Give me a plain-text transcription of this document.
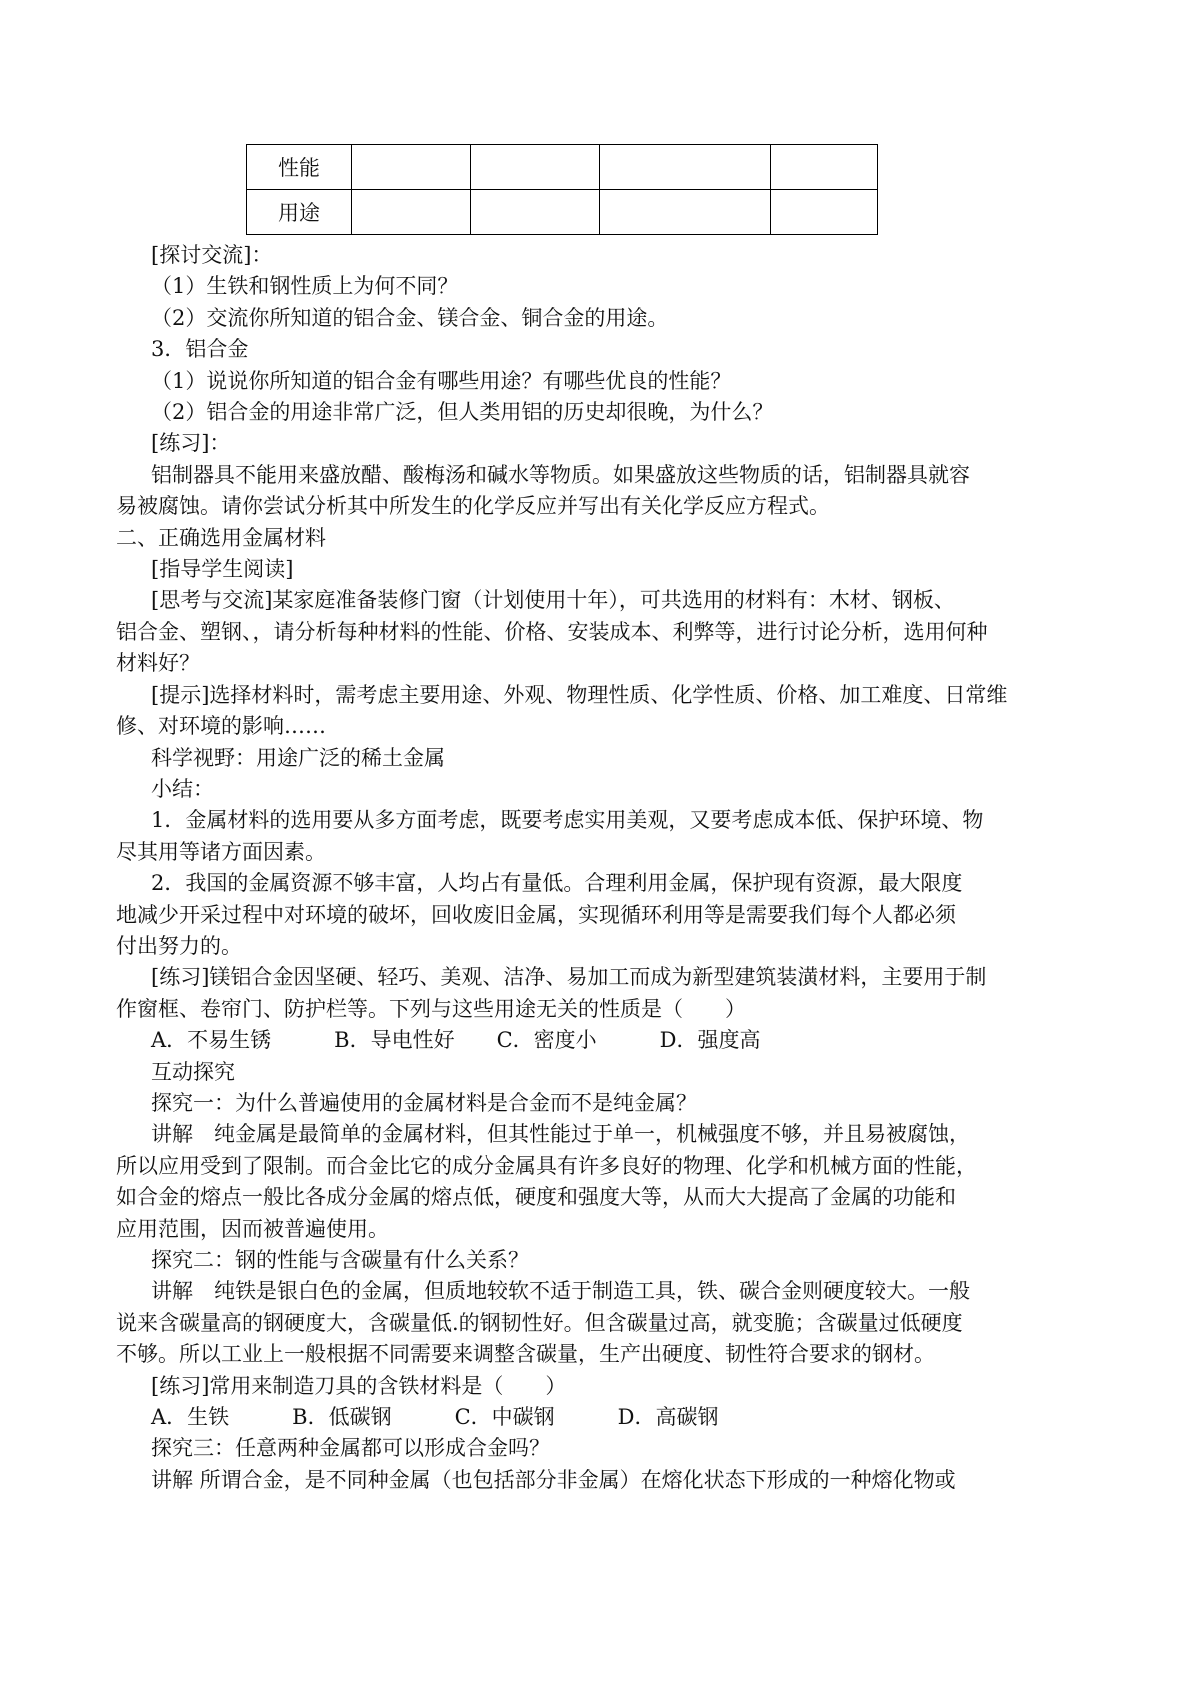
性能				
用途				

[探讨交流]：

（1）生铁和钢性质上为何不同？

（2）交流你所知道的铝合金、镁合金、铜合金的用途。

3．铝合金

（1）说说你所知道的铝合金有哪些用途？有哪些优良的性能？

（2）铝合金的用途非常广泛，但人类用铝的历史却很晚，为什么？

[练习]：

铝制器具不能用来盛放醋、酸梅汤和碱水等物质。如果盛放这些物质的话，铝制器具就容

易被腐蚀。请你尝试分析其中所发生的化学反应并写出有关化学反应方程式。

二、正确选用金属材料

[指导学生阅读]

[思考与交流]某家庭准备装修门窗（计划使用十年），可共选用的材料有：木材、钢板、

铝合金、塑钢、，请分析每种材料的性能、价格、安装成本、利弊等，进行讨论分析，选用何种

材料好？

[提示]选择材料时，需考虑主要用途、外观、物理性质、化学性质、价格、加工难度、日常维

修、对环境的影响……

科学视野：用途广泛的稀土金属

小结：

1．金属材料的选用要从多方面考虑，既要考虑实用美观，又要考虑成本低、保护环境、物

尽其用等诸方面因素。

2．我国的金属资源不够丰富，人均占有量低。合理利用金属，保护现有资源，最大限度

地减少开采过程中对环境的破坏，回收废旧金属，实现循环利用等是需要我们每个人都必须

付出努力的。

[练习]镁铝合金因坚硬、轻巧、美观、洁净、易加工而成为新型建筑装潢材料，主要用于制

作窗框、卷帘门、防护栏等。下列与这些用途无关的性质是（　　）

A．不易生锈　　　B．导电性好　　C．密度小　　　D．强度高

互动探究

探究一：为什么普遍使用的金属材料是合金而不是纯金属？

讲解　纯金属是最简单的金属材料，但其性能过于单一，机械强度不够，并且易被腐蚀，

所以应用受到了限制。而合金比它的成分金属具有许多良好的物理、化学和机械方面的性能，

如合金的熔点一般比各成分金属的熔点低，硬度和强度大等，从而大大提高了金属的功能和

应用范围，因而被普遍使用。

探究二：钢的性能与含碳量有什么关系？

讲解　纯铁是银白色的金属，但质地较软不适于制造工具，铁、碳合金则硬度较大。一般

说来含碳量高的钢硬度大，含碳量低.的钢韧性好。但含碳量过高，就变脆；含碳量过低硬度

不够。所以工业上一般根据不同需要来调整含碳量，生产出硬度、韧性符合要求的钢材。

[练习]常用来制造刀具的含铁材料是（　　）

A．生铁　　　B．低碳钢　　　C．中碳钢　　　D．高碳钢

探究三：任意两种金属都可以形成合金吗？

讲解 所谓合金，是不同种金属（也包括部分非金属）在熔化状态下形成的一种熔化物或
